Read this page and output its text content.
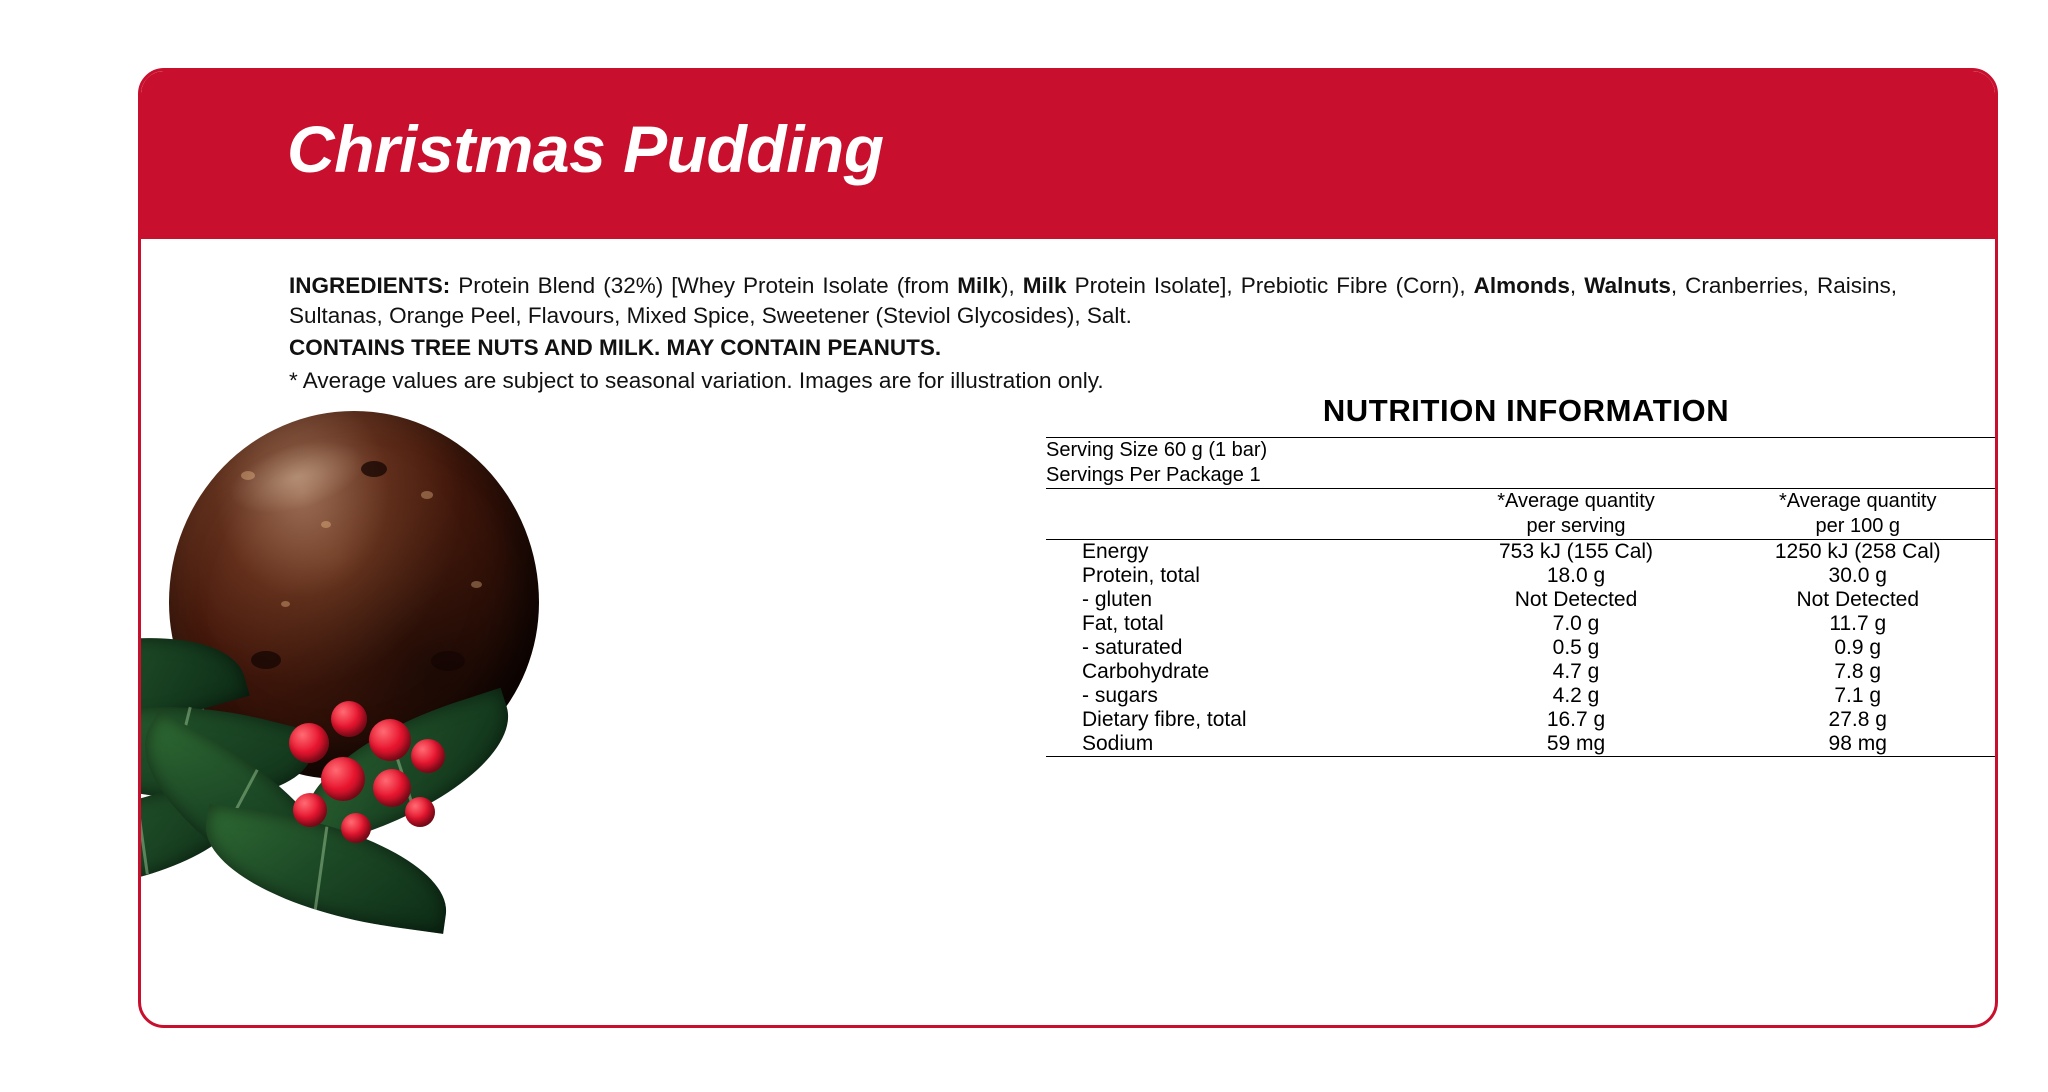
Christmas Pudding
INGREDIENTS: Protein Blend (32%) [Whey Protein Isolate (from Milk), Milk Protein Isolate], Prebiotic Fibre (Corn), Almonds, Walnuts, Cranberries, Raisins, Sultanas, Orange Peel, Flavours, Mixed Spice, Sweetener (Steviol Glycosides), Salt.
CONTAINS TREE NUTS AND MILK. MAY CONTAIN PEANUTS.
* Average values are subject to seasonal variation. Images are for illustration only.
NUTRITION INFORMATION

Serving Size 60 g (1 bar)
Servings Per Package 1		

*Average quantity
per serving

*Average quantity
per 100 g

Energy	753 kJ (155 Cal)	1250 kJ (258 Cal)
Protein, total	18.0 g	30.0 g
- gluten	Not Detected	Not Detected
Fat, total	7.0 g	11.7 g
- saturated	0.5 g	0.9 g
Carbohydrate	4.7 g	7.8 g
- sugars	4.2 g	7.1 g
Dietary fibre, total	16.7 g	27.8 g
Sodium	59 mg	98 mg
